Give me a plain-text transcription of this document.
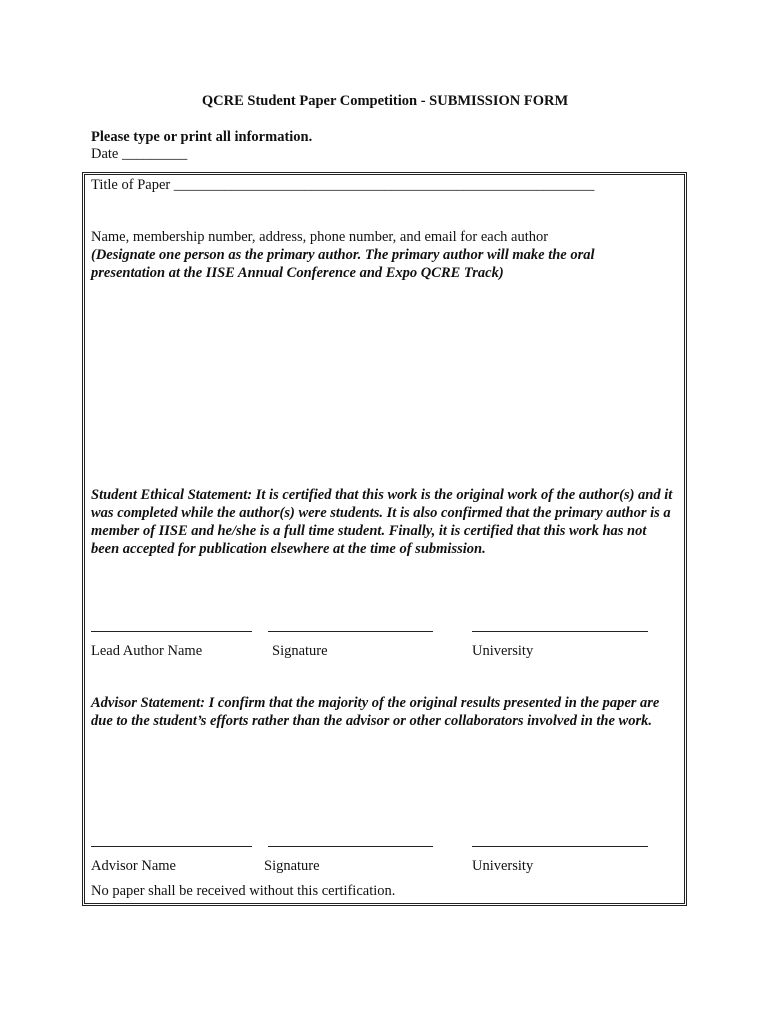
QCRE Student Paper Competition - SUBMISSION FORM
Please type or print all information.
Date _________
Title of Paper __________________________________________________________
Name, membership number, address, phone number, and email for each author
(Designate one person as the primary author. The primary author will make the oral presentation at the IISE Annual Conference and Expo QCRE Track)
Student Ethical Statement: It is certified that this work is the original work of the author(s) and it was completed while the author(s) were students. It is also confirmed that the primary author is a member of IISE and he/she is a full time student. Finally, it is certified that this work has not been accepted for publication elsewhere at the time of submission.
Lead Author Name	Signature	University
Advisor Statement: I confirm that the majority of the original results presented in the paper are due to the student’s efforts rather than the advisor or other collaborators involved in the work.
Advisor Name	Signature	University
No paper shall be received without this certification.
